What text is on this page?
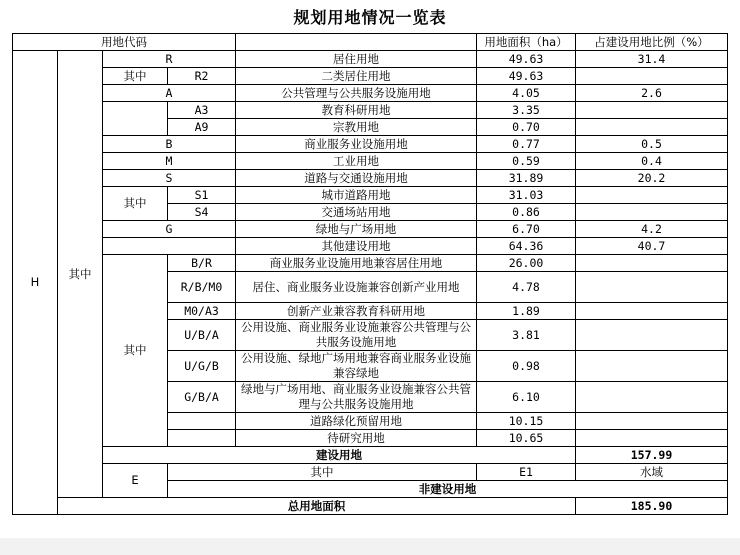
规划用地情况一览表
用地代码					用地面积（ha）	占建设用地比例（%）	
H	其中	R		居住用地	49.63	31.4	
		其中	R2	二类居住用地	49.63		
		A		公共管理与公共服务设施用地	4.05	2.6	
			A3	教育科研用地	3.35		
			A9	宗教用地	0.70		
		B		商业服务业设施用地	0.77	0.5	
		M		工业用地	0.59	0.4	
		S		道路与交通设施用地	31.89	20.2	
		其中	S1	城市道路用地	31.03		
			S4	交通场站用地	0.86		
		G		绿地与广场用地	6.70	4.2	
				其他建设用地	64.36	40.7	
		其中	B/R	商业服务业设施用地兼容居住用地	26.00		
			R/B/M0	居住、商业服务业设施兼容创新产业用地	4.78		
			M0/A3	创新产业兼容教育科研用地	1.89		
			U/B/A	公用设施、商业服务业设施兼容公共管理与公共服务设施用地	3.81		
			U/G/B	公用设施、绿地广场用地兼容商业服务业设施兼容绿地	0.98		
			G/B/A	绿地与广场用地、商业服务业设施兼容公共管理与公共服务设施用地	6.10		
				道路绿化预留用地	10.15		
				待研究用地	10.65		
		建设用地				157.99	
		E	其中		E1	水域		
			非建设用地		
	总用地面积					185.90	
